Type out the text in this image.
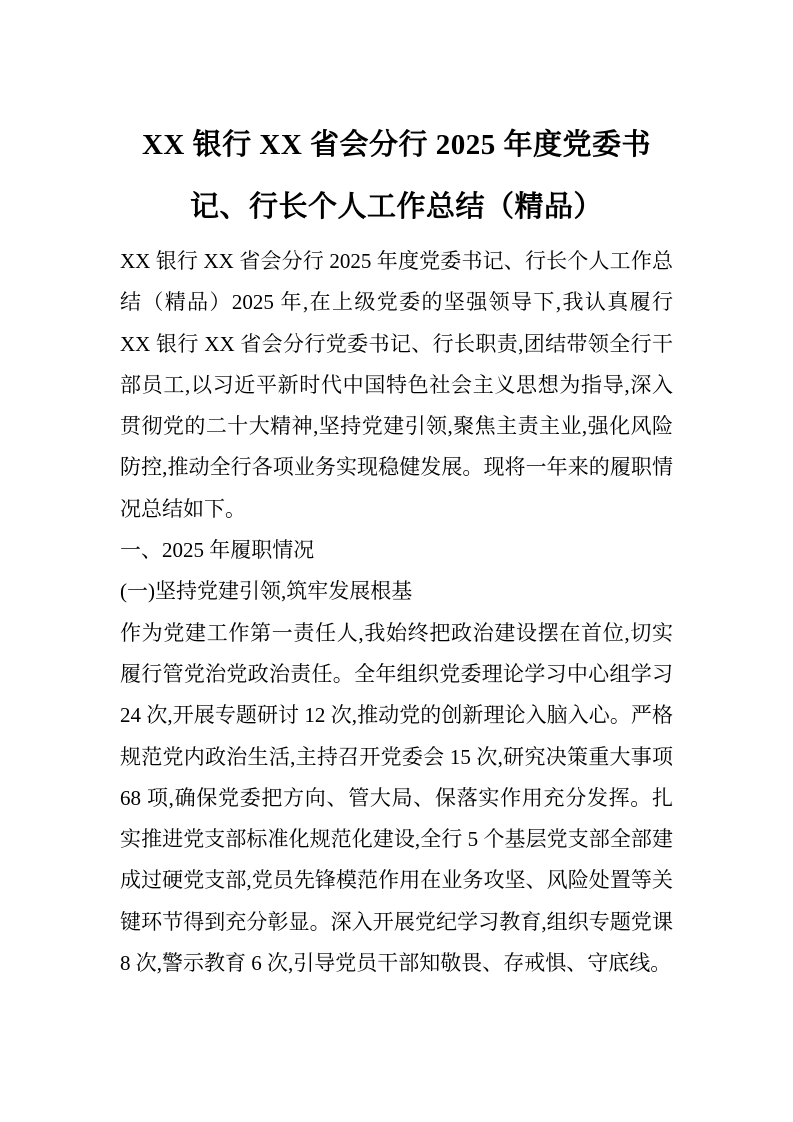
XX 银行 XX 省会分行 2025 年度党委书记、行长个人工作总结（精品）

XX 银行 XX 省会分行 2025 年度党委书记、行长个人工作总结（精品）2025 年,在上级党委的坚强领导下,我认真履行 XX 银行 XX 省会分行党委书记、行长职责,团结带领全行干部员工,以习近平新时代中国特色社会主义思想为指导,深入贯彻党的二十大精神,坚持党建引领,聚焦主责主业,强化风险防控,推动全行各项业务实现稳健发展。现将一年来的履职情况总结如下。

一、2025 年履职情况

(一)坚持党建引领,筑牢发展根基

作为党建工作第一责任人,我始终把政治建设摆在首位,切实履行管党治党政治责任。全年组织党委理论学习中心组学习 24 次,开展专题研讨 12 次,推动党的创新理论入脑入心。严格规范党内政治生活,主持召开党委会 15 次,研究决策重大事项 68 项,确保党委把方向、管大局、保落实作用充分发挥。扎实推进党支部标准化规范化建设,全行 5 个基层党支部全部建成过硬党支部,党员先锋模范作用在业务攻坚、风险处置等关键环节得到充分彰显。深入开展党纪学习教育,组织专题党课 8 次,警示教育 6 次,引导党员干部知敬畏、存戒惧、守底线。
